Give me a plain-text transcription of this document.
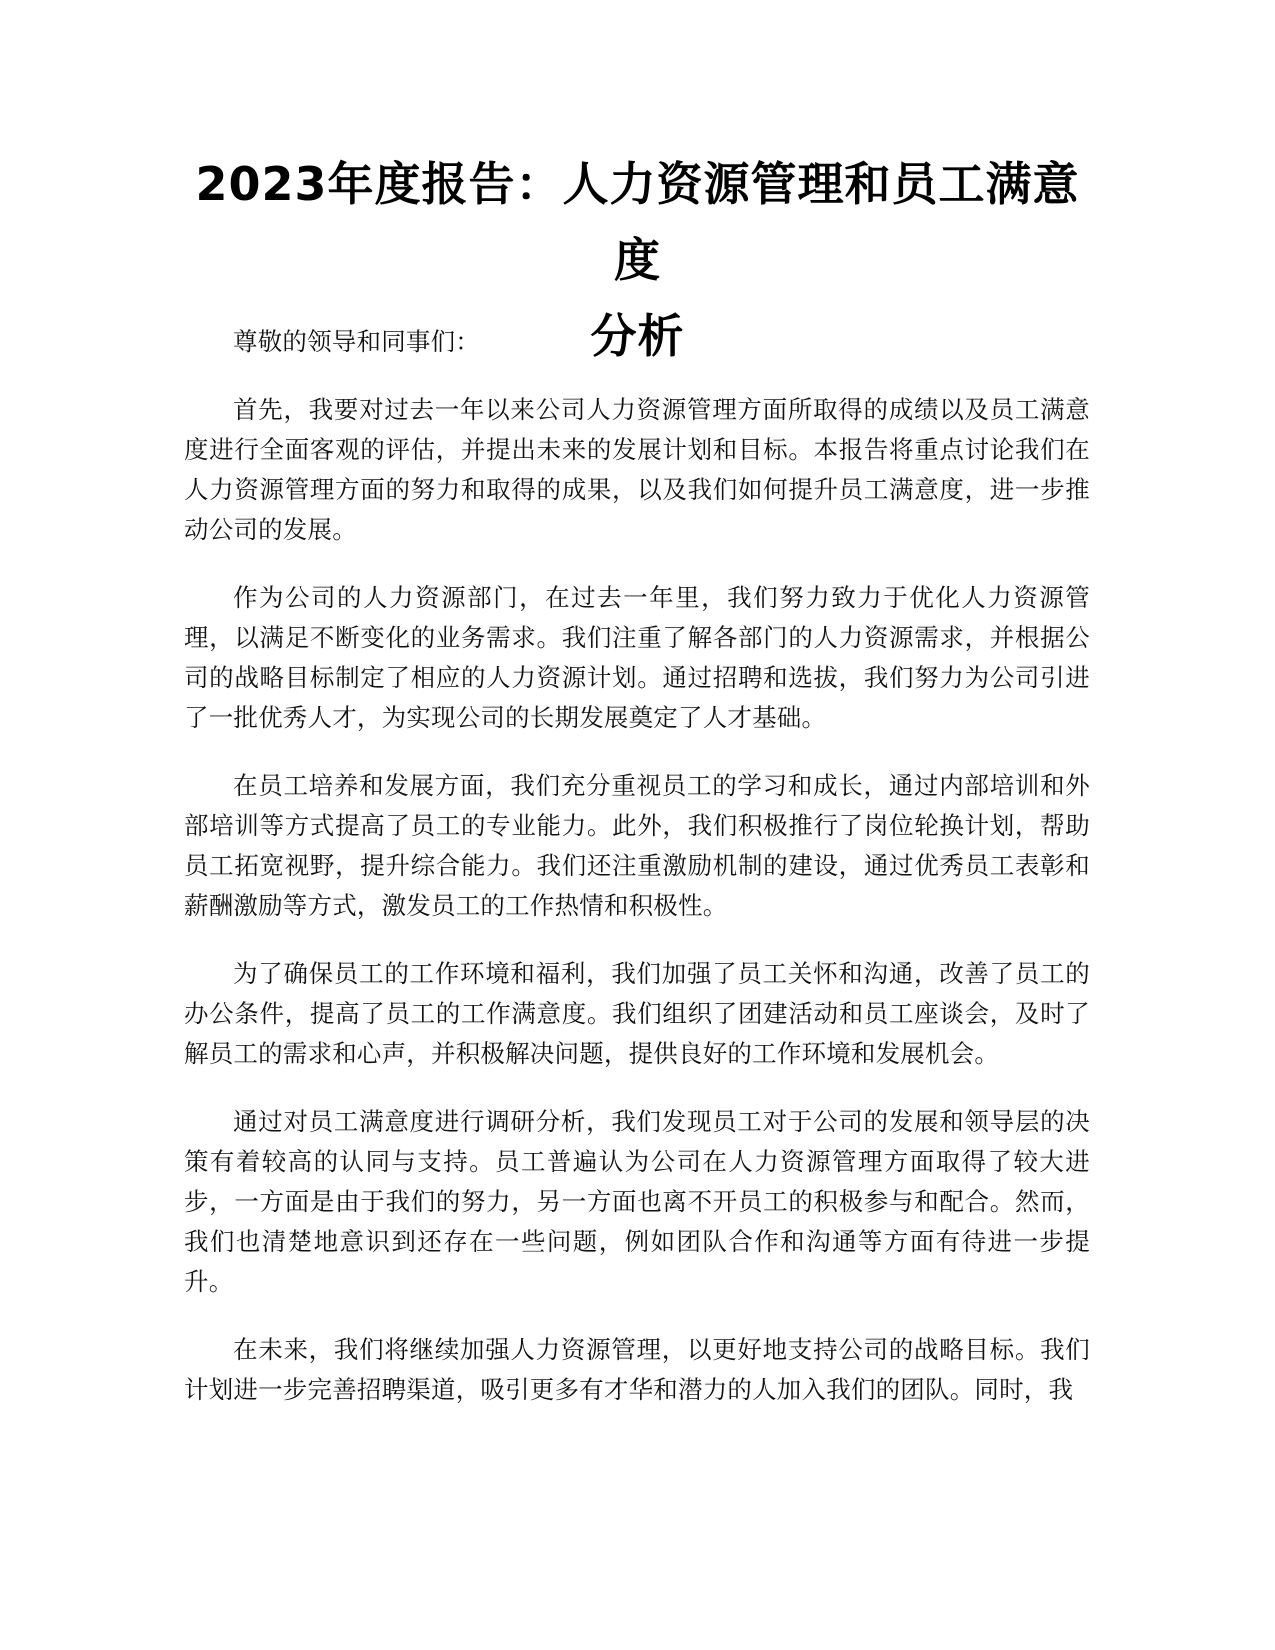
2023年度报告：人力资源管理和员工满意度
分析

尊敬的领导和同事们：

首先，我要对过去一年以来公司人力资源管理方面所取得的成绩以及员工满意度进行全面客观的评估，并提出未来的发展计划和目标。本报告将重点讨论我们在人力资源管理方面的努力和取得的成果，以及我们如何提升员工满意度，进一步推动公司的发展。

作为公司的人力资源部门，在过去一年里，我们努力致力于优化人力资源管理，以满足不断变化的业务需求。我们注重了解各部门的人力资源需求，并根据公司的战略目标制定了相应的人力资源计划。通过招聘和选拔，我们努力为公司引进了一批优秀人才，为实现公司的长期发展奠定了人才基础。

在员工培养和发展方面，我们充分重视员工的学习和成长，通过内部培训和外部培训等方式提高了员工的专业能力。此外，我们积极推行了岗位轮换计划，帮助员工拓宽视野，提升综合能力。我们还注重激励机制的建设，通过优秀员工表彰和薪酬激励等方式，激发员工的工作热情和积极性。

为了确保员工的工作环境和福利，我们加强了员工关怀和沟通，改善了员工的办公条件，提高了员工的工作满意度。我们组织了团建活动和员工座谈会，及时了解员工的需求和心声，并积极解决问题，提供良好的工作环境和发展机会。

通过对员工满意度进行调研分析，我们发现员工对于公司的发展和领导层的决策有着较高的认同与支持。员工普遍认为公司在人力资源管理方面取得了较大进步，一方面是由于我们的努力，另一方面也离不开员工的积极参与和配合。然而，我们也清楚地意识到还存在一些问题，例如团队合作和沟通等方面有待进一步提升。

在未来，我们将继续加强人力资源管理，以更好地支持公司的战略目标。我们计划进一步完善招聘渠道，吸引更多有才华和潜力的人加入我们的团队。同时，我
